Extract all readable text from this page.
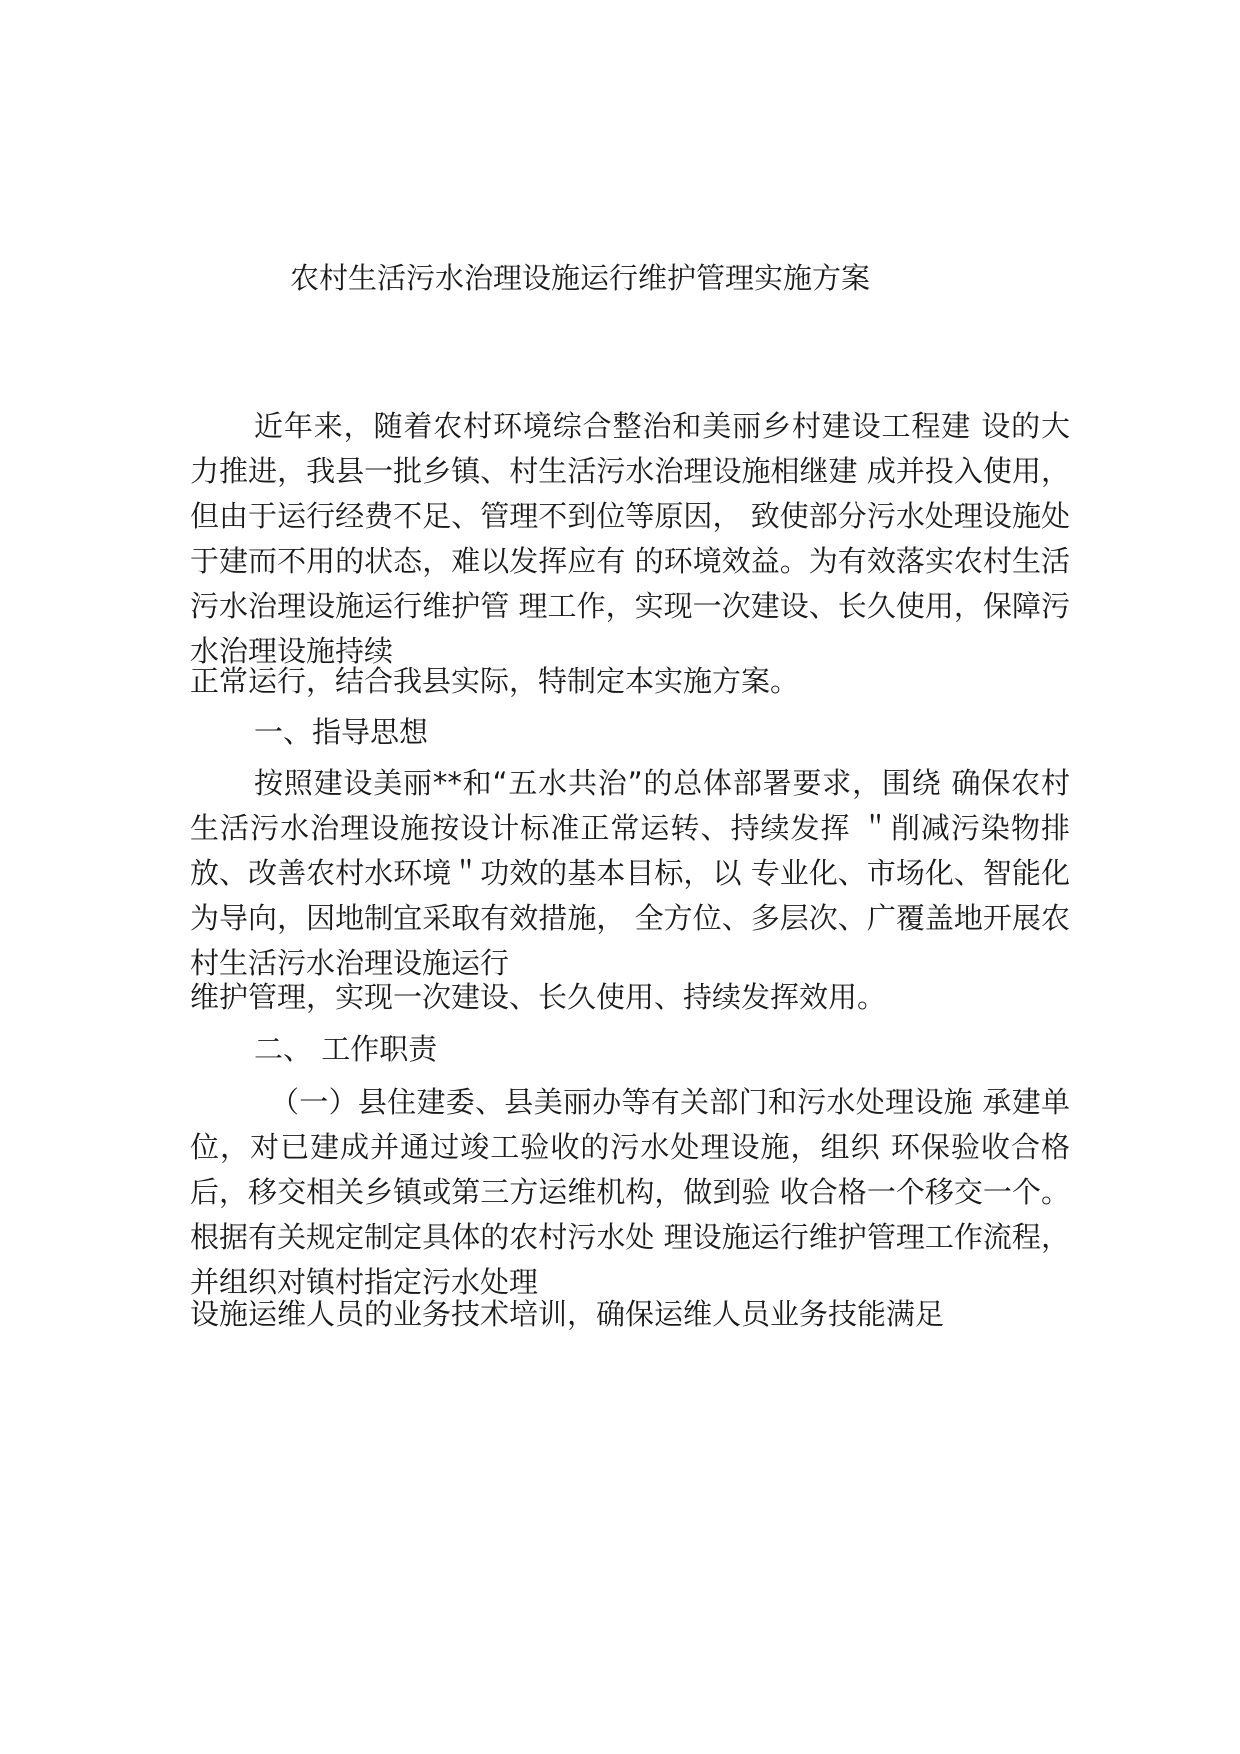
农村生活污水治理设施运行维护管理实施方案

近年来，随着农村环境综合整治和美丽乡村建设工程建 设的大力推进，我县一批乡镇、村生活污水治理设施相继建 成并投入使用，但由于运行经费不足、管理不到位等原因， 致使部分污水处理设施处于建而不用的状态，难以发挥应有 的环境效益。为有效落实农村生活污水治理设施运行维护管 理工作，实现一次建设、长久使用，保障污水治理设施持续

正常运行，结合我县实际，特制定本实施方案。
一、指导思想

按照建设美丽**和“五水共治”的总体部署要求，围绕 确保农村生活污水治理设施按设计标准正常运转、持续发挥 ＂削减污染物排放、改善农村水环境＂功效的基本目标，以 专业化、市场化、智能化为导向，因地制宜采取有效措施， 全方位、多层次、广覆盖地开展农村生活污水治理设施运行

维护管理，实现一次建设、长久使用、持续发挥效用。
二、 工作职责

（一）县住建委、县美丽办等有关部门和污水处理设施 承建单位，对已建成并通过竣工验收的污水处理设施，组织 环保验收合格后，移交相关乡镇或第三方运维机构，做到验 收合格一个移交一个。根据有关规定制定具体的农村污水处 理设施运行维护管理工作流程，并组织对镇村指定污水处理

设施运维人员的业务技术培训，确保运维人员业务技能满足
